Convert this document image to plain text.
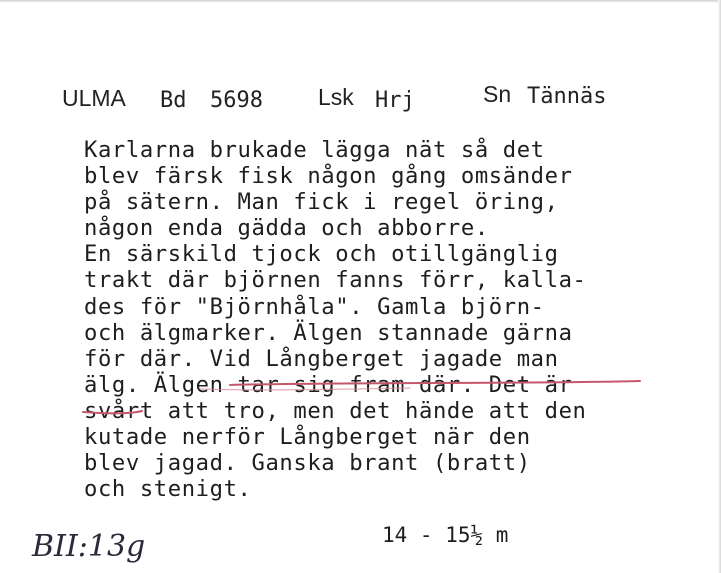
ULMA Bd 5698 Lsk Hrj	Sn Tännäs
Karlarna brukade lägga nät så det
blev färsk fisk någon gång omsänder
på sätern. Man fick i regel öring,
någon enda gädda och abborre.
En särskild tjock och otillgänglig
trakt där björnen fanns förr, kalla-
des för "Björnhåla". Gamla björn-
och älgmarker. Älgen stannade gärna
för där. Vid Långberget jagade man
älg. Älgen tar sig fram där. Det är
svårt att tro, men det hände att den
kutade nerför Långberget när den
blev jagad. Ganska brant (bratt)
och stenigt.
14 - 15½ m
BII:13g
